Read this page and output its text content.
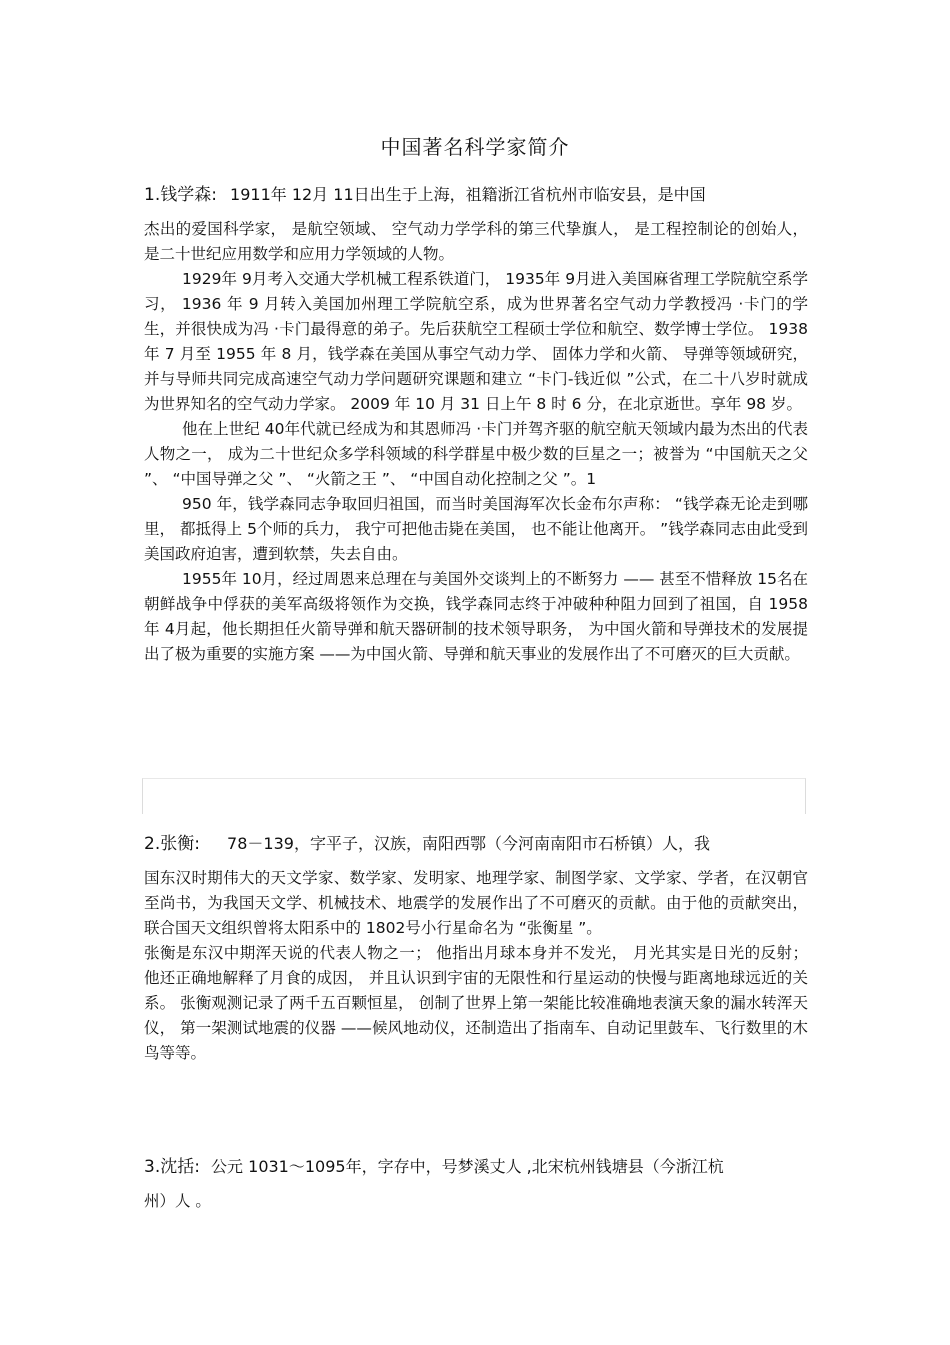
中国著名科学家简介
1.钱学森: 1911年 12月 11日出生于上海，祖籍浙江省杭州市临安县，是中国

杰出的爱国科学家， 是航空领域、 空气动力学学科的第三代挚旗人， 是工程控制论的创始人，是二十世纪应用数学和应用力学领域的人物。

1929年 9月考入交通大学机械工程系铁道门， 1935年 9月进入美国麻省理工学院航空系学习， 1936 年 9 月转入美国加州理工学院航空系，成为世界著名空气动力学教授冯 ·卡门的学生，并很快成为冯 ·卡门最得意的弟子。先后获航空工程硕士学位和航空、数学博士学位。 1938 年 7 月至 1955 年 8 月，钱学森在美国从事空气动力学、 固体力学和火箭、 导弹等领域研究， 并与导师共同完成高速空气动力学问题研究课题和建立 “卡门-钱近似 ”公式，在二十八岁时就成为世界知名的空气动力学家。 2009 年 10 月 31 日上午 8 时 6 分，在北京逝世。享年 98 岁。

他在上世纪 40年代就已经成为和其恩师冯 ·卡门并驾齐驱的航空航天领域内最为杰出的代表人物之一， 成为二十世纪众多学科领域的科学群星中极少数的巨星之一；被誉为 “中国航天之父 ”、 “中国导弹之父 ”、 “火箭之王 ”、 “中国自动化控制之父 ”。1

950 年，钱学森同志争取回归祖国，而当时美国海军次长金布尔声称： “钱学森无论走到哪里， 都抵得上 5个师的兵力， 我宁可把他击毙在美国， 也不能让他离开。 ”钱学森同志由此受到美国政府迫害，遭到软禁，失去自由。

1955年 10月，经过周恩来总理在与美国外交谈判上的不断努力 —— 甚至不惜释放 15名在朝鲜战争中俘获的美军高级将领作为交换，钱学森同志终于冲破种种阻力回到了祖国，自 1958年 4月起，他长期担任火箭导弹和航天器研制的技术领导职务， 为中国火箭和导弹技术的发展提出了极为重要的实施方案 ——为中国火箭、导弹和航天事业的发展作出了不可磨灭的巨大贡献。

2.张衡: 78－139，字平子，汉族，南阳西鄂（今河南南阳市石桥镇）人，我

国东汉时期伟大的天文学家、数学家、发明家、地理学家、制图学家、文学家、学者，在汉朝官至尚书，为我国天文学、机械技术、地震学的发展作出了不可磨灭的贡献。由于他的贡献突出，联合国天文组织曾将太阳系中的 1802号小行星命名为 “张衡星 ”。

张衡是东汉中期浑天说的代表人物之一； 他指出月球本身并不发光， 月光其实是日光的反射； 他还正确地解释了月食的成因， 并且认识到宇宙的无限性和行星运动的快慢与距离地球远近的关系。 张衡观测记录了两千五百颗恒星， 创制了世界上第一架能比较准确地表演天象的漏水转浑天仪， 第一架测试地震的仪器 ——候风地动仪，还制造出了指南车、自动记里鼓车、飞行数里的木鸟等等。

3.沈括: 公元 1031～1095年，字存中，号梦溪丈人 ,北宋杭州钱塘县（今浙江杭

州）人 。
